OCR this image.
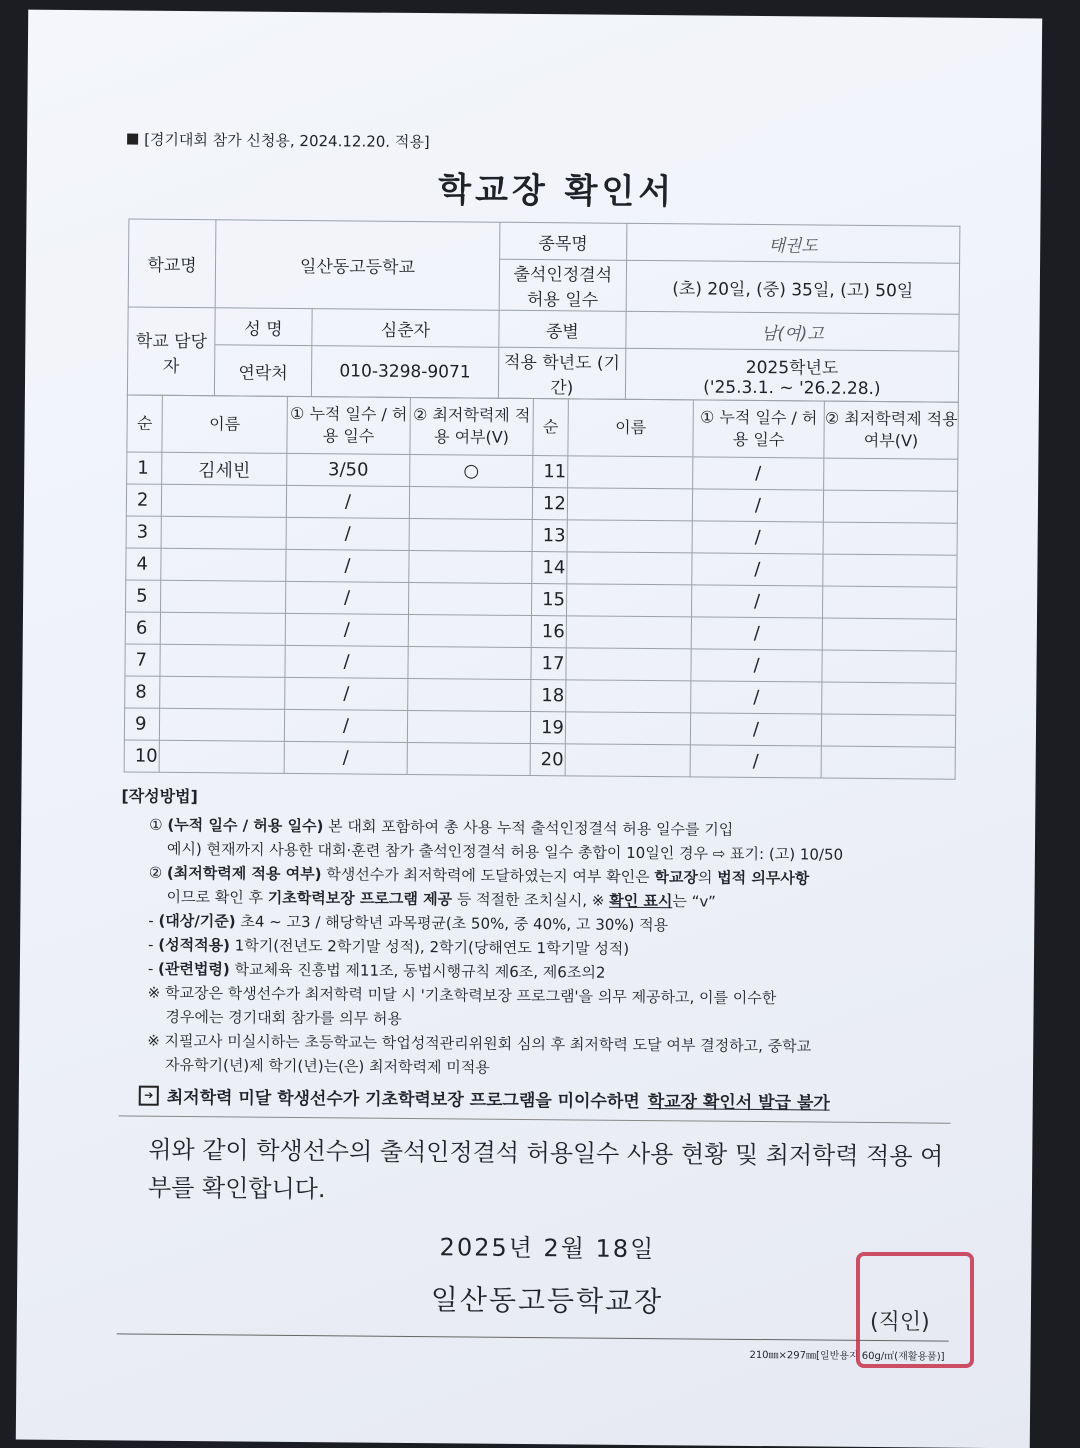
[경기대회 참가 신청용, 2024.12.20. 적용]
학교장 확인서
학교명	일산동고등학교		종목명	태권도
			출석인정결석 허용 일수	(초) 20일, (중) 35일, (고) 50일
학교 담당자	성 명	심춘자	종별	남(여)고
	연락처	010-3298-9071	적용 학년도 (기간)	2025학년도
('25.3.1. ~ '26.2.28.)
순	이름	① 누적 일수 / 허용 일수	② 최저학력제 적용 여부(V)	순	이름	① 누적 일수 / 허용 일수	② 최저학력제 적용 여부(V)
1	김세빈	3/50	○	11		/	
2		/		12		/	
3		/		13		/	
4		/		14		/	
5		/		15		/	
6		/		16		/	
7		/		17		/	
8		/		18		/	
9		/		19		/	
10		/		20		/	
[작성방법]
① (누적 일수 / 허용 일수) 본 대회 포함하여 총 사용 누적 출석인정결석 허용 일수를 기입
예시) 현재까지 사용한 대회·훈련 참가 출석인정결석 허용 일수 총합이 10일인 경우 ⇨ 표기: (고) 10/50
② (최저학력제 적용 여부) 학생선수가 최저학력에 도달하였는지 여부 확인은 학교장의 법적 의무사항
이므로 확인 후 기초학력보장 프로그램 제공 등 적절한 조치실시, ※ 확인 표시는 “v”
- (대상/기준) 초4 ~ 고3 / 해당학년 과목평균(초 50%, 중 40%, 고 30%) 적용
- (성적적용) 1학기(전년도 2학기말 성적), 2학기(당해연도 1학기말 성적)
- (관련법령) 학교체육 진흥법 제11조, 동법시행규칙 제6조, 제6조의2
※ 학교장은 학생선수가 최저학력 미달 시 '기초학력보장 프로그램'을 의무 제공하고, 이를 이수한
경우에는 경기대회 참가를 의무 허용
※ 지필고사 미실시하는 초등학교는 학업성적관리위원회 심의 후 최저학력 도달 여부 결정하고, 중학교
자유학기(년)제 학기(년)는(은) 최저학력제 미적용
➔ 최저학력 미달 학생선수가 기초학력보장 프로그램을 미이수하면 학교장 확인서 발급 불가
위와 같이 학생선수의 출석인정결석 허용일수 사용 현황 및 최저학력 적용 여부를 확인합니다.
2025년 2월 18일
일산동고등학교장
210㎜×297㎜[일반용지 60g/㎡(재활용품)]
(직인)
